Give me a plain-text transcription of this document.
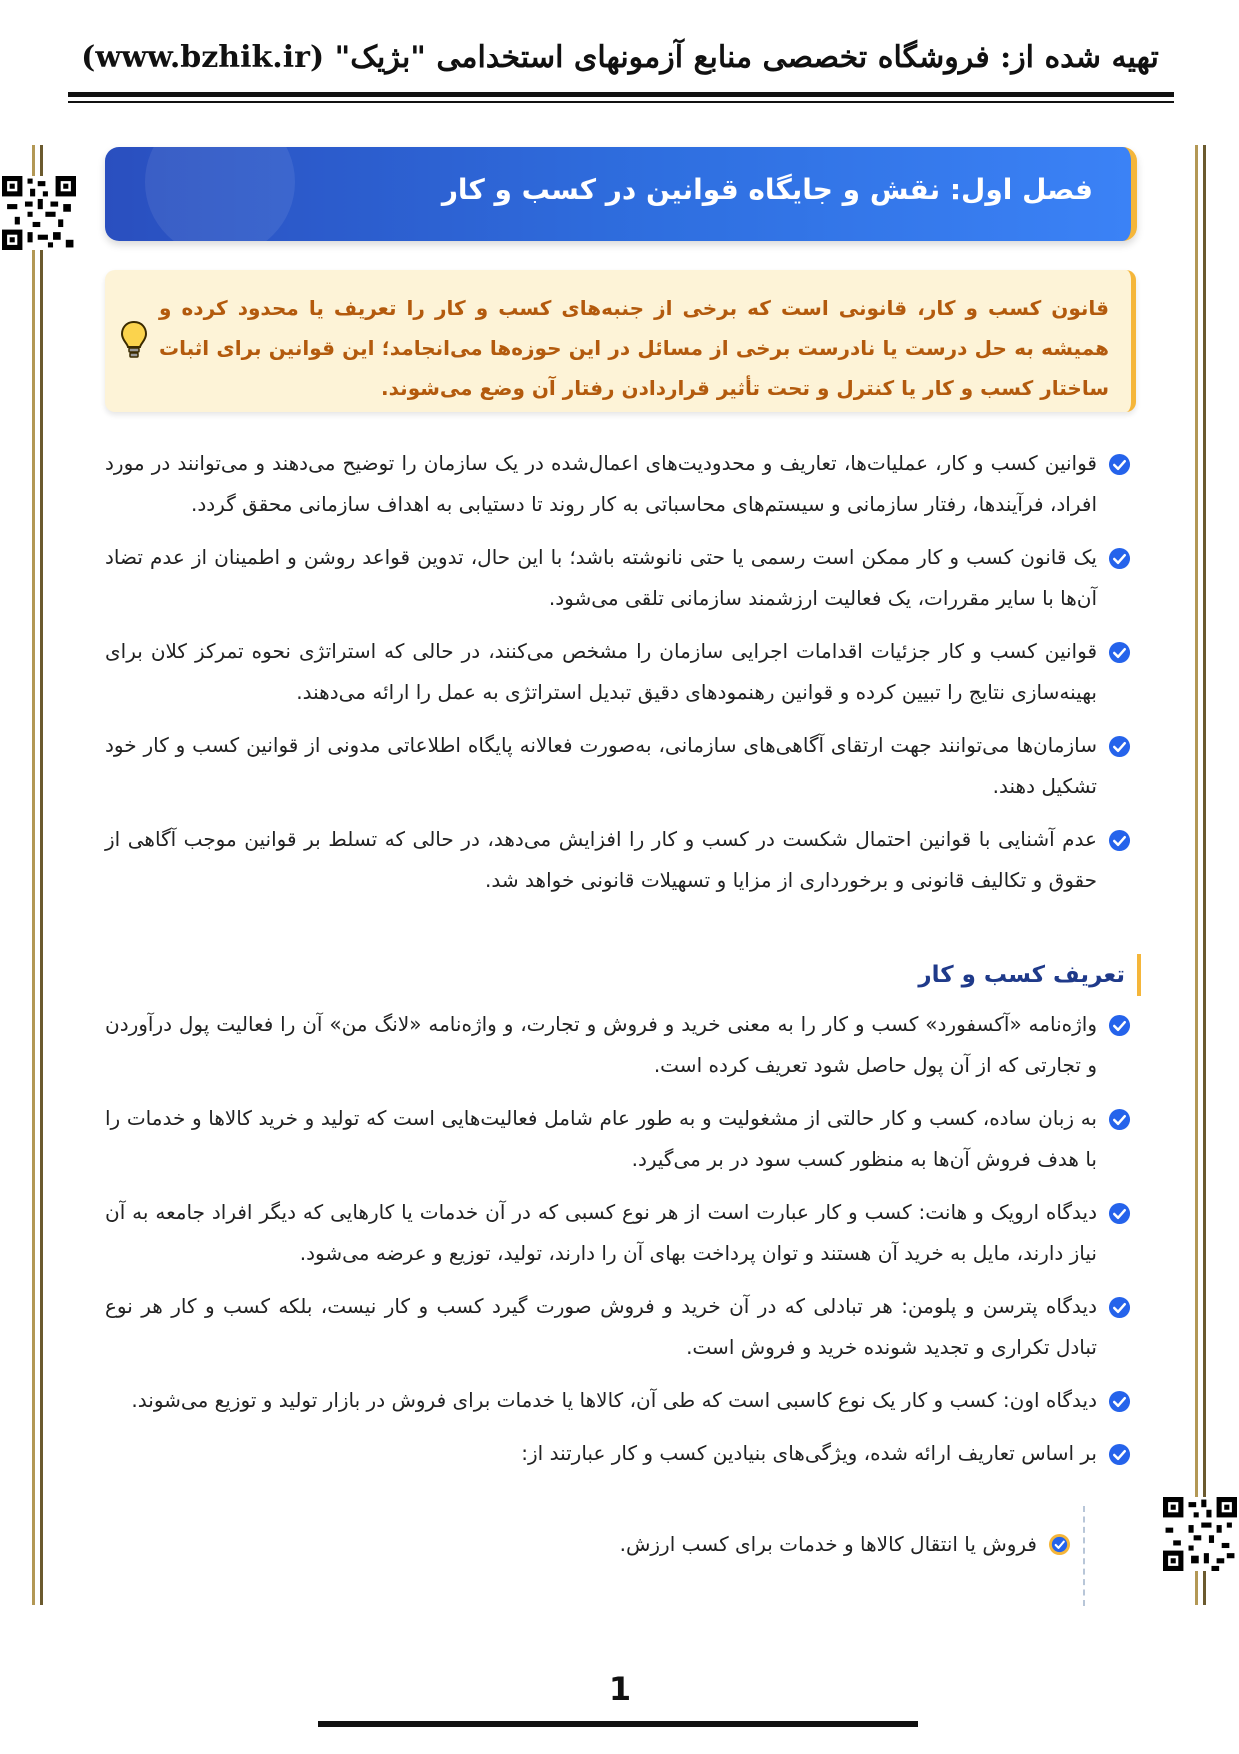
تهیه شده از: فروشگاه تخصصی منابع آزمونهای استخدامی "بژیک" (www.bzhik.ir)
فصل اول: نقش و جایگاه قوانین در کسب و کار
قانون کسب و کار، قانونی است که برخی از جنبه‌های کسب و کار را تعریف یا محدود کرده و همیشه به حل درست یا نادرست برخی از مسائل در این حوزه‌ها می‌انجامد؛ این قوانین برای اثبات ساختار کسب و کار یا کنترل و تحت تأثیر قراردادن رفتار آن وضع می‌شوند.
قوانین کسب و کار، عملیات‌ها، تعاریف و محدودیت‌های اعمال‌شده در یک سازمان را توضیح می‌دهند و می‌توانند در مورد افراد، فرآیندها، رفتار سازمانی و سیستم‌های محاسباتی به کار روند تا دستیابی به اهداف سازمانی محقق گردد.
یک قانون کسب و کار ممکن است رسمی یا حتی نانوشته باشد؛ با این حال، تدوین قواعد روشن و اطمینان از عدم تضاد آن‌ها با سایر مقررات، یک فعالیت ارزشمند سازمانی تلقی می‌شود.
قوانین کسب و کار جزئیات اقدامات اجرایی سازمان را مشخص می‌کنند، در حالی که استراتژی نحوه تمرکز کلان برای بهینه‌سازی نتایج را تبیین کرده و قوانین رهنمودهای دقیق تبدیل استراتژی به عمل را ارائه می‌دهند.
سازمان‌ها می‌توانند جهت ارتقای آگاهی‌های سازمانی، به‌صورت فعالانه پایگاه اطلاعاتی مدونی از قوانین کسب و کار خود تشکیل دهند.
عدم آشنایی با قوانین احتمال شکست در کسب و کار را افزایش می‌دهد، در حالی که تسلط بر قوانین موجب آگاهی از حقوق و تکالیف قانونی و برخورداری از مزایا و تسهیلات قانونی خواهد شد.
تعریف کسب و کار
واژه‌نامه «آکسفورد» کسب و کار را به معنی خرید و فروش و تجارت، و واژه‌نامه «لانگ من» آن را فعالیت پول درآوردن و تجارتی که از آن پول حاصل شود تعریف کرده است.
به زبان ساده، کسب و کار حالتی از مشغولیت و به طور عام شامل فعالیت‌هایی است که تولید و خرید کالاها و خدمات را با هدف فروش آن‌ها به منظور کسب سود در بر می‌گیرد.
دیدگاه ارویک و هانت: کسب و کار عبارت است از هر نوع کسبی که در آن خدمات یا کارهایی که دیگر افراد جامعه به آن نیاز دارند، مایل به خرید آن هستند و توان پرداخت بهای آن را دارند، تولید، توزیع و عرضه می‌شود.
دیدگاه پترسن و پلومن: هر تبادلی که در آن خرید و فروش صورت گیرد کسب و کار نیست، بلکه کسب و کار هر نوع تبادل تکراری و تجدید شونده خرید و فروش است.
دیدگاه اون: کسب و کار یک نوع کاسبی است که طی آن، کالاها یا خدمات برای فروش در بازار تولید و توزیع می‌شوند.
بر اساس تعاریف ارائه شده، ویژگی‌های بنیادین کسب و کار عبارتند از:
فروش یا انتقال کالاها و خدمات برای کسب ارزش.
1
